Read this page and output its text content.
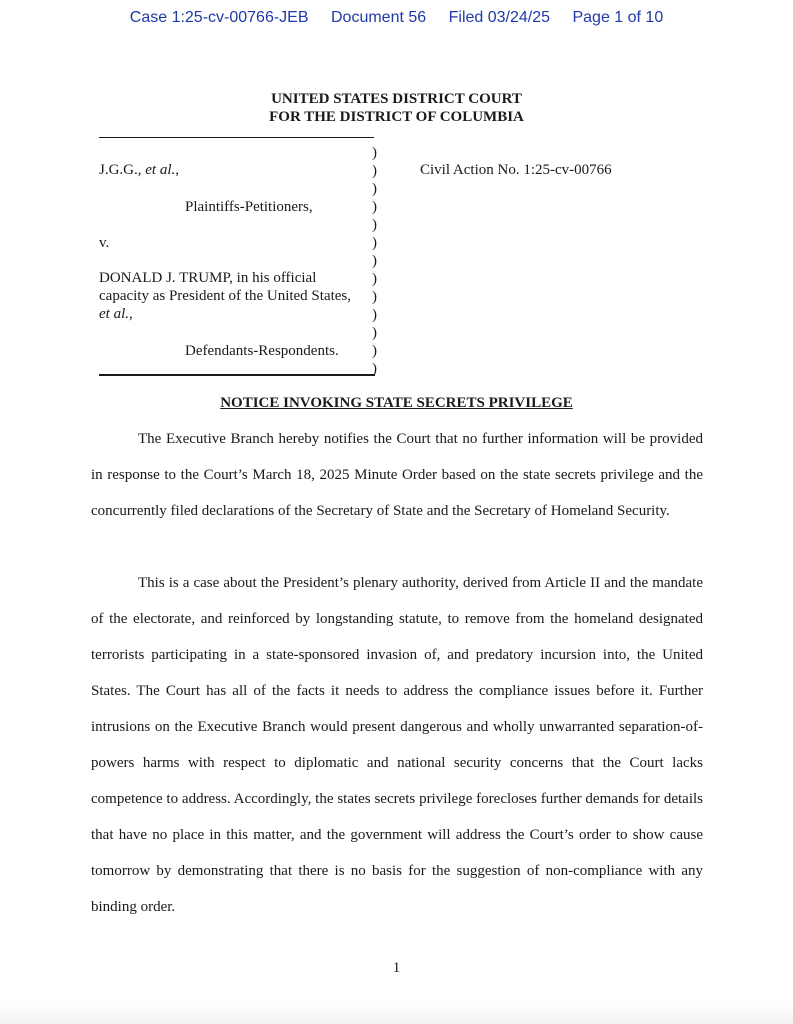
Case 1:25-cv-00766-JEB Document 56 Filed 03/24/25 Page 1 of 10
UNITED STATES DISTRICT COURT
FOR THE DISTRICT OF COLUMBIA
J.G.G., et al.,
Plaintiffs-Petitioners,
v.
DONALD J. TRUMP, in his official
capacity as President of the United States,
et al.,
Defendants-Respondents.
Civil Action No. 1:25-cv-00766
)
)
)
)
)
)
)
)
)
)
)
)
)
NOTICE INVOKING STATE SECRETS PRIVILEGE

The Executive Branch hereby notifies the Court that no further information will be provided in response to the Court’s March 18, 2025 Minute Order based on the state secrets privilege and the concurrently filed declarations of the Secretary of State and the Secretary of Homeland Security.

This is a case about the President’s plenary authority, derived from Article II and the mandate of the electorate, and reinforced by longstanding statute, to remove from the homeland designated terrorists participating in a state-sponsored invasion of, and predatory incursion into, the United States. The Court has all of the facts it needs to address the compliance issues before it. Further intrusions on the Executive Branch would present dangerous and wholly unwarranted separation-of-powers harms with respect to diplomatic and national security concerns that the Court lacks competence to address. Accordingly, the states secrets privilege forecloses further demands for details that have no place in this matter, and the government will address the Court’s order to show cause tomorrow by demonstrating that there is no basis for the suggestion of non-compliance with any binding order.

1
